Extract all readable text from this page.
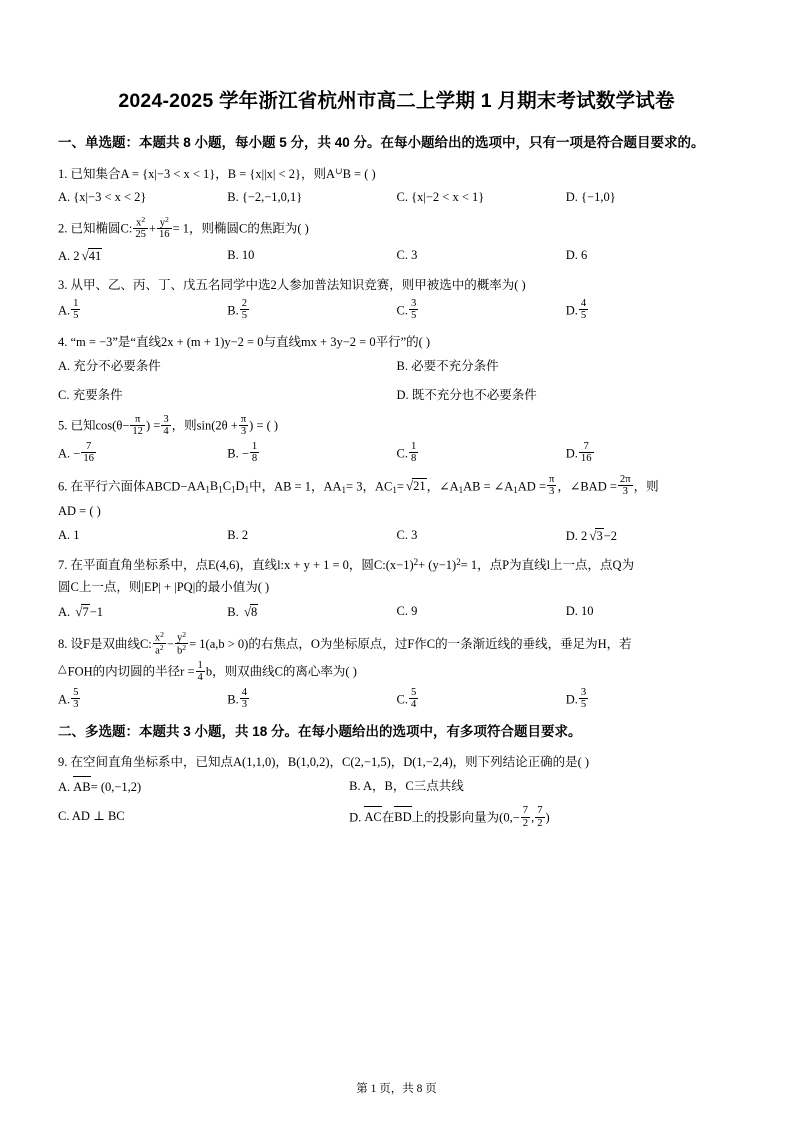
2024-2025 学年浙江省杭州市高二上学期 1 月期末考试数学试卷
一、单选题：本题共 8 小题，每小题 5 分，共 40 分。在每小题给出的选项中，只有一项是符合题目要求的。
1. 已知集合A = {x|−3 < x < 1}，B = {x||x| < 2}，则A∪B = ( )
A. {x|−3 < x < 2}	B. {−2,−1,0,1}	C. {x|−2 < x < 1}	D. {−1,0}
2. 已知椭圆C: $\frac{x^2}{25} + \frac{y^2}{16} = 1$，则椭圆C的焦距为( )
A. 2 √41	B. 10	C. 3	D. 6
3. 从甲、乙、丙、丁、戊五名同学中选2人参加普法知识竞赛，则甲被选中的概率为( )
A. $\frac{1}{5}$	B. $\frac{2}{5}$	C. $\frac{3}{5}$	D. $\frac{4}{5}$
4. “m = −3”是“直线2x + (m + 1)y−2 = 0与直线mx + 3y−2 = 0平行”的( )
A. 充分不必要条件	B. 必要不充分条件
C. 充要条件	D. 既不充分也不必要条件
5. 已知$\cos(\theta- \frac{\pi}{12}$ ) = $\frac{3}{4}$ ，则$\sin(2\theta + \frac{\pi}{3}$ ) = ( )
A. − $\frac{7}{16}$	B. − $\frac{1}{8}$	C. $\frac{1}{8}$	D. $\frac{7}{16}$
6. 在平行六面体$ABCD-AA_1B_1C_1D_1$中，AB = 1，$AA_1= 3$，$AC_1= √21$，$\angle A_1AB$ = $\angle A_1AD = \frac{\pi}{3}$ ，∠BAD = $\frac{2\pi}{3}$ ，则
AD = ( )
A. 1	B. 2	C. 3	D. 2 √3−2
7. 在平面直角坐标系中，点E(4,6)，直线l:x + y + 1 = 0，圆$C:(x-1)^2+ (y-1)^2= 1$，点P为直线l上一点，点Q为
圆C上一点，则|EP| + |PQ|的最小值为( )
A. √7−1	B. √8	C. 9	D. 10
8. 设F是双曲线C: $\frac{x^2}{a^2} - \frac{y^2}{b^2} = 1(a,b > 0)$的右焦点，O为坐标原点，过F作C的一条渐近线的垂线，垂足为H，若
△FOH的内切圆的半径$r = \frac{1}{4}$ b，则双曲线C的离心率为( )
A. $\frac{5}{3}$	B. $\frac{4}{3}$	C. $\frac{5}{4}$	D. $\frac{3}{5}$
二、多选题：本题共 3 小题，共 18 分。在每小题给出的选项中，有多项符合题目要求。
9. 在空间直角坐标系中，已知点A(1,1,0)，B(1,0,2)，C(2,−1,5)，D(1,−2,4)，则下列结论正确的是( )
A. AB= (0,−1,2)	B. A，B，C三点共线
C. AD ⊥ BC	D. AC在BD上的投影向量为($0,- \frac{7}{2}$ , $\frac{7}{2}$ )
第 1 页，共 8 页
